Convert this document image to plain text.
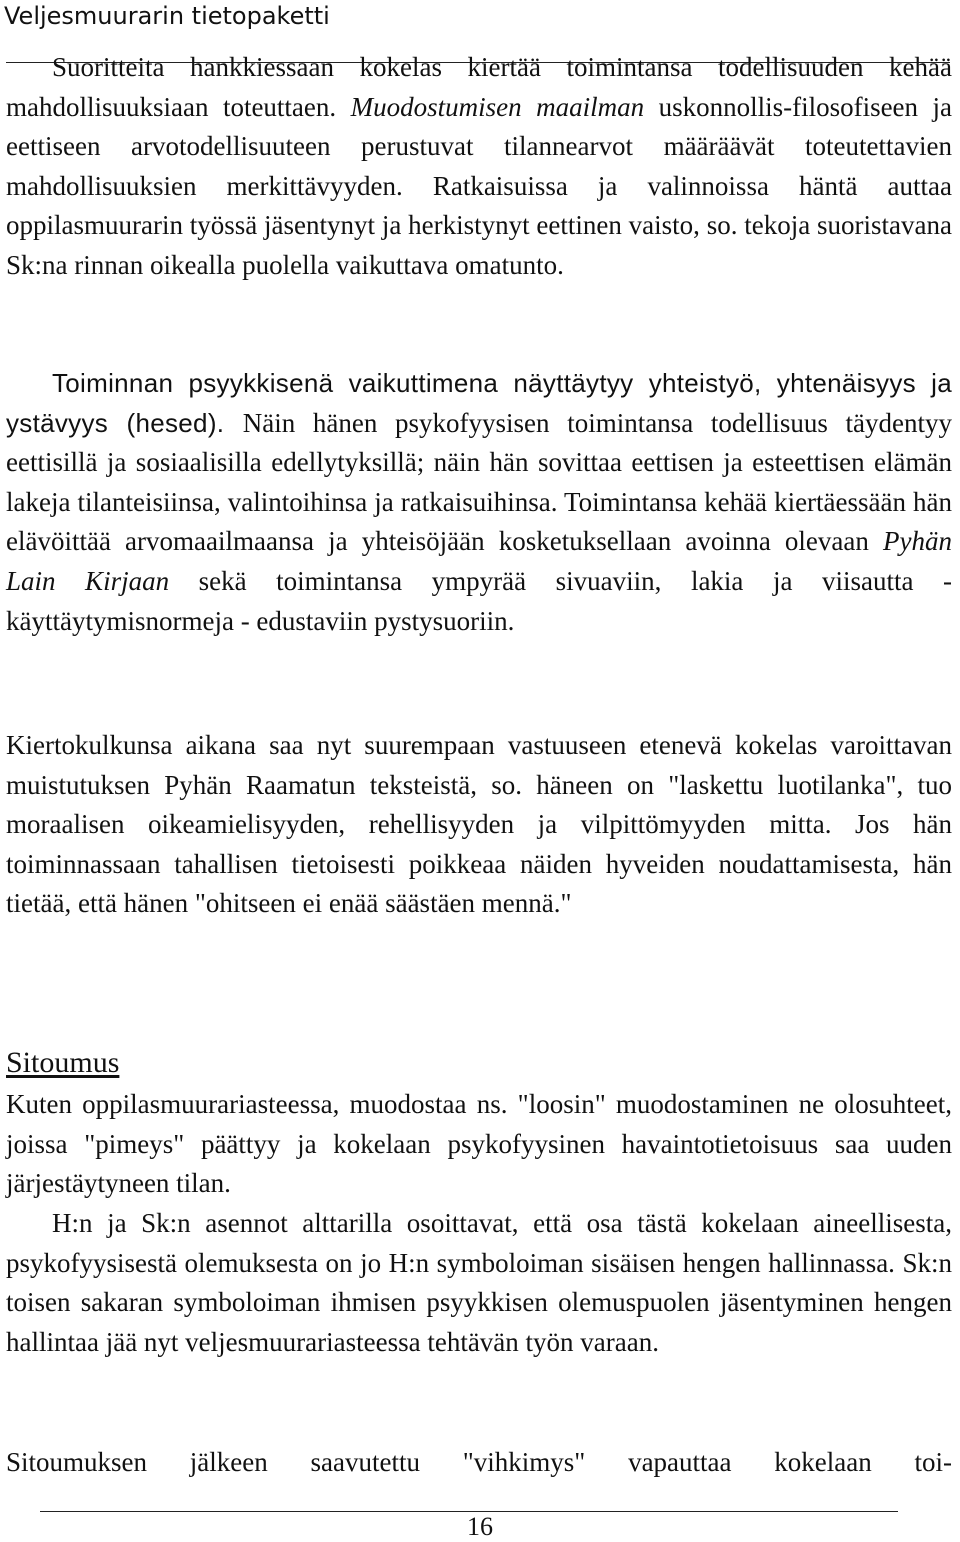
Veljesmuurarin tietopaketti

Suoritteita hankkiessaan kokelas kiertää toimintansa todellisuuden kehää mahdollisuuksiaan toteuttaen. Muodostumisen maailman uskonnollis-filosofiseen ja eettiseen arvotodellisuuteen perustuvat tilannearvot määräävät toteutettavien mahdollisuuksien merkittävyyden. Ratkaisuissa ja valinnoissa häntä auttaa oppilasmuurarin työssä jäsentynyt ja herkistynyt eettinen vaisto, so. tekoja suoristavana Sk:na rinnan oikealla puolella vaikuttava omatunto.

Toiminnan psyykkisenä vaikuttimena näyttäytyy yhteistyö, yhtenäisyys ja ystävyys (hesed). Näin hänen psykofyysisen toimintansa todellisuus täydentyy eettisillä ja sosiaalisilla edellytyksillä; näin hän sovittaa eettisen ja esteettisen elämän lakeja tilanteisiinsa, valintoihinsa ja ratkaisuihinsa. Toimintansa kehää kiertäessään hän elävöittää arvomaailmaansa ja yhteisöjään kosketuksellaan avoinna olevaan Pyhän Lain Kirjaan sekä toimintansa ympyrää sivuaviin, lakia ja viisautta - käyttäytymisnormeja - edustaviin pystysuoriin.

Kiertokulkunsa aikana saa nyt suurempaan vastuuseen etenevä kokelas varoittavan muistutuksen Pyhän Raamatun teksteistä, so. häneen on "laskettu luotilanka", tuo moraalisen oikeamielisyyden, rehellisyyden ja vilpittömyyden mitta. Jos hän toiminnassaan tahallisen tietoisesti poikkeaa näiden hyveiden noudattamisesta, hän tietää, että hänen "ohitseen ei enää säästäen mennä."

Sitoumus

Kuten oppilasmuurariasteessa, muodostaa ns. "loosin" muodostaminen ne olosuhteet, joissa "pimeys" päättyy ja kokelaan psykofyysinen havaintotietoisuus saa uuden järjestäytyneen tilan.

H:n ja Sk:n asennot alttarilla osoittavat, että osa tästä kokelaan aineellisesta, psykofyysisestä olemuksesta on jo H:n symboloiman sisäisen hengen hallinnassa. Sk:n toisen sakaran symboloiman ihmisen psyykkisen olemuspuolen jäsentyminen hengen hallintaa jää nyt veljesmuurariasteessa tehtävän työn varaan.

Sitoumuksen jälkeen saavutettu "vihkimys" vapauttaa kokelaan toi-

16
